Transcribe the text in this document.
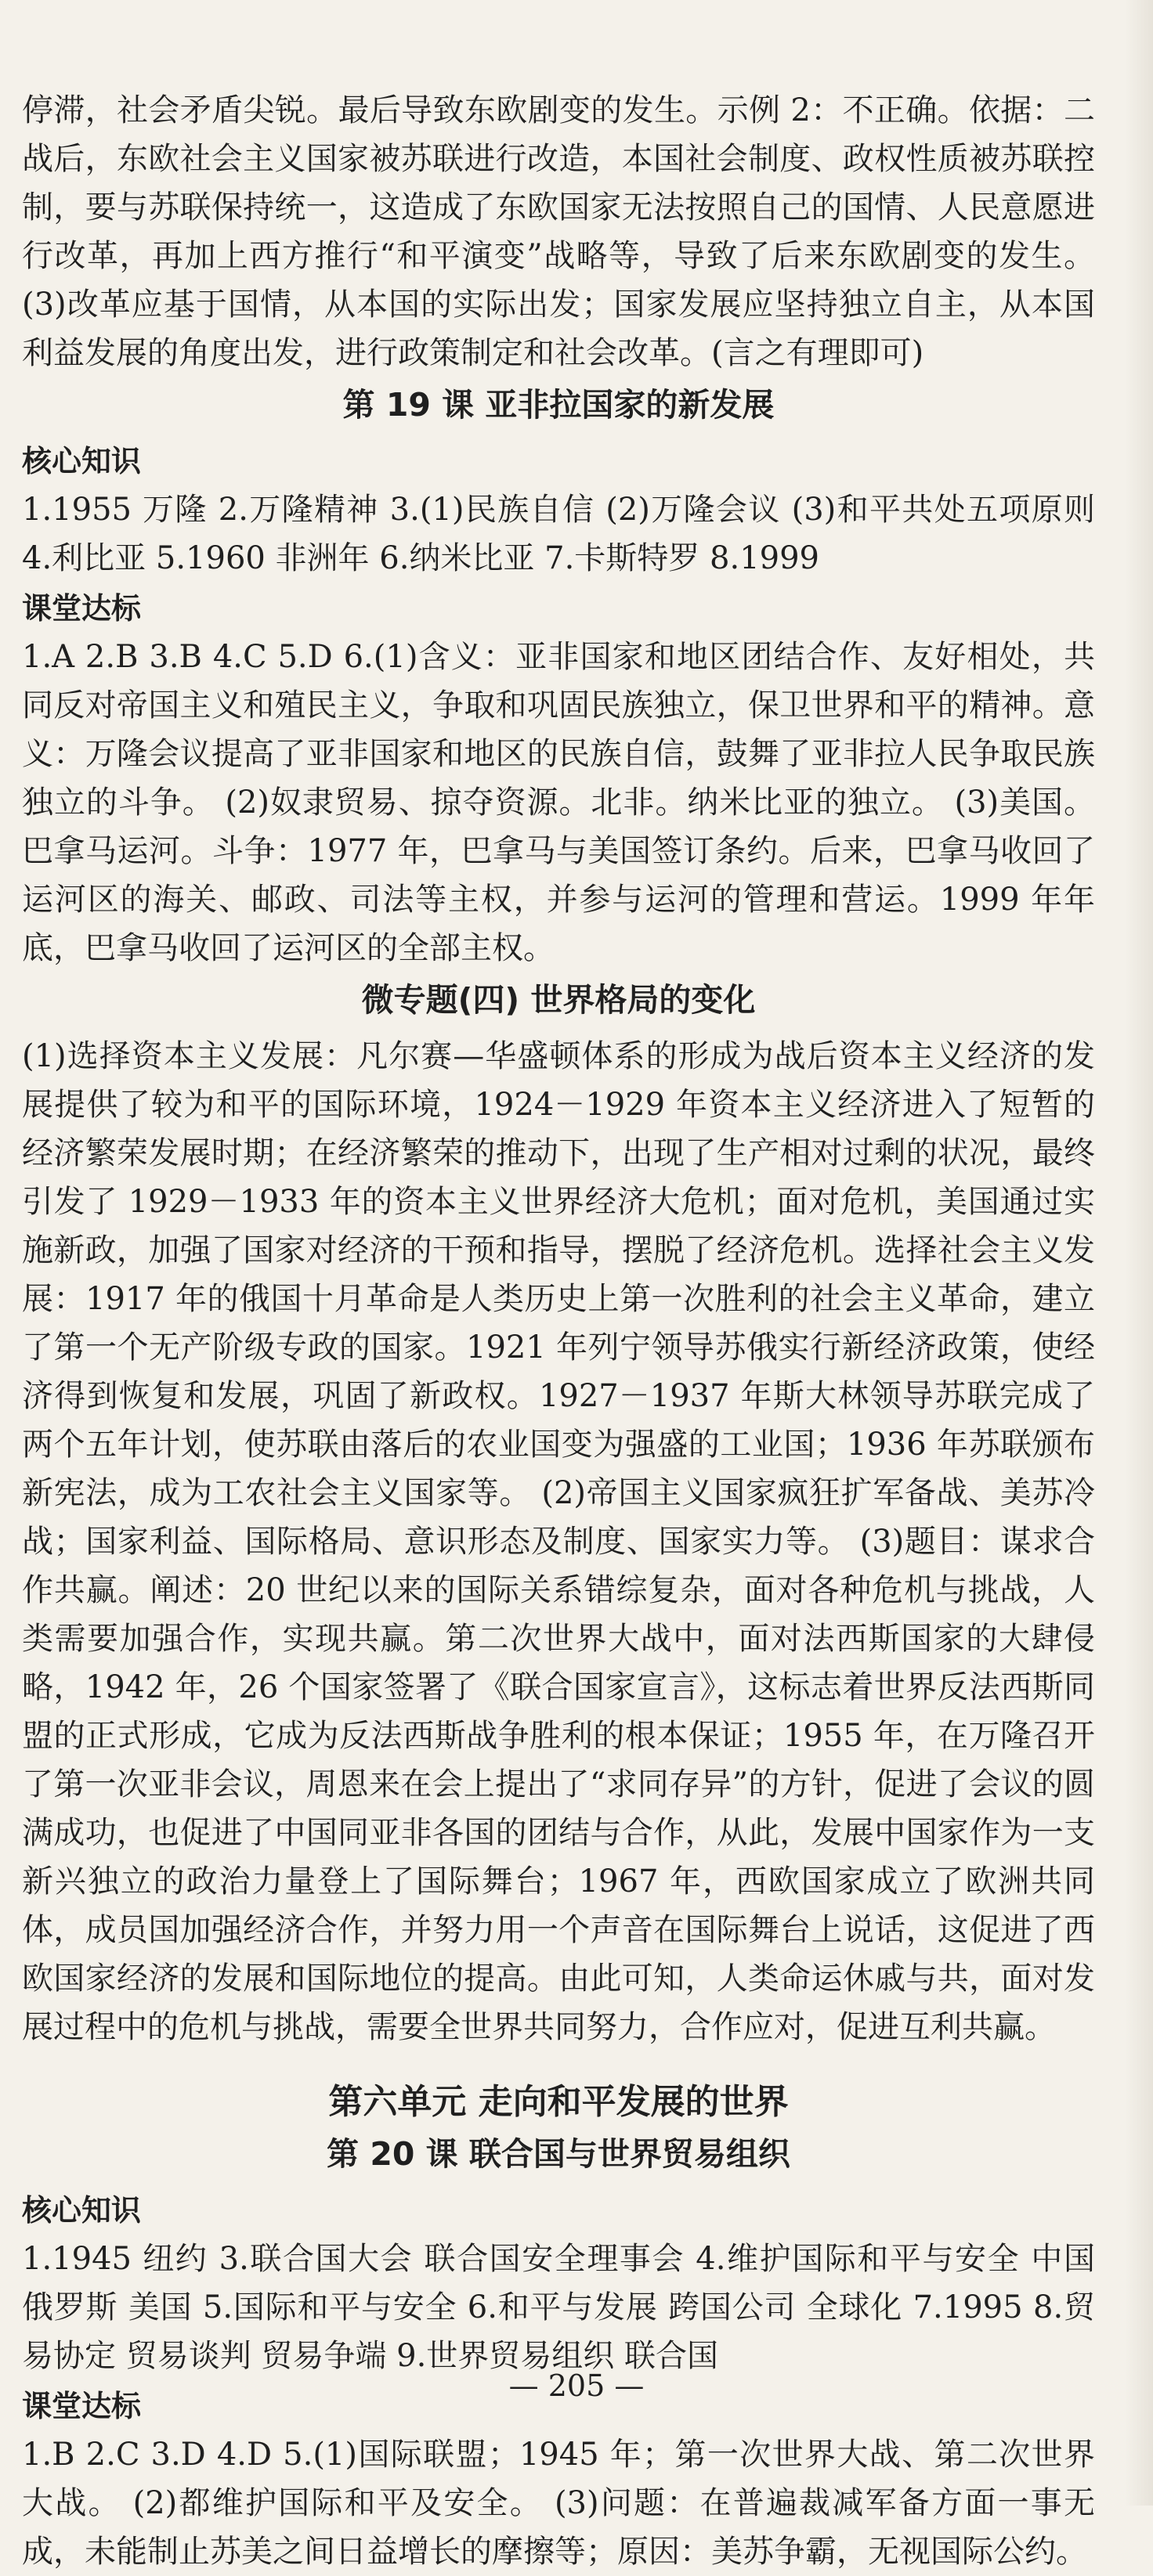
停滞，社会矛盾尖锐。最后导致东欧剧变的发生。示例 2：不正确。依据：二战后，东欧社会主义国家被苏联进行改造，本国社会制度、政权性质被苏联控制，要与苏联保持统一，这造成了东欧国家无法按照自己的国情、人民意愿进行改革，再加上西方推行“和平演变”战略等，导致了后来东欧剧变的发生。 (3)改革应基于国情，从本国的实际出发；国家发展应坚持独立自主，从本国利益发展的角度出发，进行政策制定和社会改革。(言之有理即可)

第 19 课 亚非拉国家的新发展
核心知识

1.1955 万隆 2.万隆精神 3.(1)民族自信 (2)万隆会议 (3)和平共处五项原则 4.利比亚 5.1960 非洲年 6.纳米比亚 7.卡斯特罗 8.1999

课堂达标

1.A 2.B 3.B 4.C 5.D 6.(1)含义：亚非国家和地区团结合作、友好相处，共同反对帝国主义和殖民主义，争取和巩固民族独立，保卫世界和平的精神。意义：万隆会议提高了亚非国家和地区的民族自信，鼓舞了亚非拉人民争取民族独立的斗争。 (2)奴隶贸易、掠夺资源。北非。纳米比亚的独立。 (3)美国。巴拿马运河。斗争：1977 年，巴拿马与美国签订条约。后来，巴拿马收回了运河区的海关、邮政、司法等主权，并参与运河的管理和营运。1999 年年底，巴拿马收回了运河区的全部主权。

微专题(四) 世界格局的变化

(1)选择资本主义发展：凡尔赛—华盛顿体系的形成为战后资本主义经济的发展提供了较为和平的国际环境，1924－1929 年资本主义经济进入了短暂的经济繁荣发展时期；在经济繁荣的推动下，出现了生产相对过剩的状况，最终引发了 1929－1933 年的资本主义世界经济大危机；面对危机，美国通过实施新政，加强了国家对经济的干预和指导，摆脱了经济危机。选择社会主义发展：1917 年的俄国十月革命是人类历史上第一次胜利的社会主义革命，建立了第一个无产阶级专政的国家。1921 年列宁领导苏俄实行新经济政策，使经济得到恢复和发展，巩固了新政权。1927－1937 年斯大林领导苏联完成了两个五年计划，使苏联由落后的农业国变为强盛的工业国；1936 年苏联颁布新宪法，成为工农社会主义国家等。 (2)帝国主义国家疯狂扩军备战、美苏冷战；国家利益、国际格局、意识形态及制度、国家实力等。 (3)题目：谋求合作共赢。阐述：20 世纪以来的国际关系错综复杂，面对各种危机与挑战，人类需要加强合作，实现共赢。第二次世界大战中，面对法西斯国家的大肆侵略，1942 年，26 个国家签署了《联合国家宣言》，这标志着世界反法西斯同盟的正式形成，它成为反法西斯战争胜利的根本保证；1955 年，在万隆召开了第一次亚非会议，周恩来在会上提出了“求同存异”的方针，促进了会议的圆满成功，也促进了中国同亚非各国的团结与合作，从此，发展中国家作为一支新兴独立的政治力量登上了国际舞台；1967 年，西欧国家成立了欧洲共同体，成员国加强经济合作，并努力用一个声音在国际舞台上说话，这促进了西欧国家经济的发展和国际地位的提高。由此可知，人类命运休戚与共，面对发展过程中的危机与挑战，需要全世界共同努力，合作应对，促进互利共赢。

第六单元 走向和平发展的世界
第 20 课 联合国与世界贸易组织
核心知识

1.1945 纽约 3.联合国大会 联合国安全理事会 4.维护国际和平与安全 中国 俄罗斯 美国 5.国际和平与安全 6.和平与发展 跨国公司 全球化 7.1995 8.贸易协定 贸易谈判 贸易争端 9.世界贸易组织 联合国

课堂达标

1.B 2.C 3.D 4.D 5.(1)国际联盟；1945 年；第一次世界大战、第二次世界大战。 (2)都维护国际和平及安全。 (3)问题：在普遍裁减军备方面一事无成，未能制止苏美之间日益增长的摩擦等；原因：美苏争霸，无视国际公约。

— 205 —
